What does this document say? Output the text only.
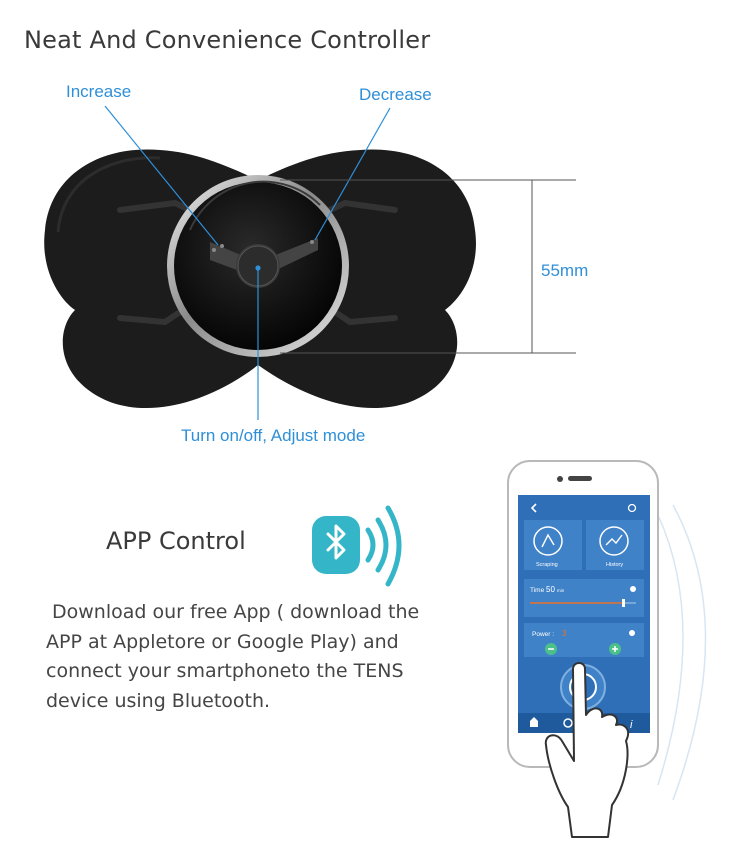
Neat And Convenience Controller
Increase	Decrease
55mm
Turn on/off, Adjust mode
APP Control
Download our free App ( download the
APP at Appletore or Google Play) and
connect your smartphoneto the TENS
device using Bluetooth.
Scraping	History
Time :
50 min
Power : 3
i
